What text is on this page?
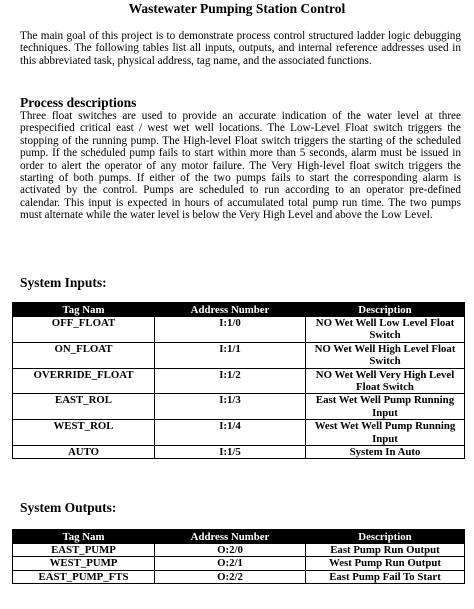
Wastewater Pumping Station Control
The main goal of this project is to demonstrate process control structured ladder logic debugging techniques. The following tables list all inputs, outputs, and internal reference addresses used in this abbreviated task, physical address, tag name, and the associated functions.
Process descriptions
Three float switches are used to provide an accurate indication of the water level at three prespecified critical east / west wet well locations. The Low-Level Float switch triggers the stopping of the running pump. The High-level Float switch triggers the starting of the scheduled pump. If the scheduled pump fails to start within more than 5 seconds, alarm must be issued in order to alert the operator of any motor failure. The Very High-level float switch triggers the starting of both pumps. If either of the two pumps fails to start the corresponding alarm is activated by the control. Pumps are scheduled to run according to an operator pre-defined calendar. This input is expected in hours of accumulated total pump run time. The two pumps must alternate while the water level is below the Very High Level and above the Low Level.
System Inputs:
Tag Nam	Address Number	Description
OFF_FLOAT	I:1/0	NO Wet Well Low Level Float Switch
ON_FLOAT	I:1/1	NO Wet Well High Level Float Switch
OVERRIDE_FLOAT	I:1/2	NO Wet Well Very High Level Float Switch
EAST_ROL	I:1/3	East Wet Well Pump Running Input
WEST_ROL	I:1/4	West Wet Well Pump Running Input
AUTO	I:1/5	System In Auto
System Outputs:
Tag Nam	Address Number	Description
EAST_PUMP	O:2/0	East Pump Run Output
WEST_PUMP	O:2/1	West Pump Run Output
EAST_PUMP_FTS	O:2/2	East Pump Fail To Start
